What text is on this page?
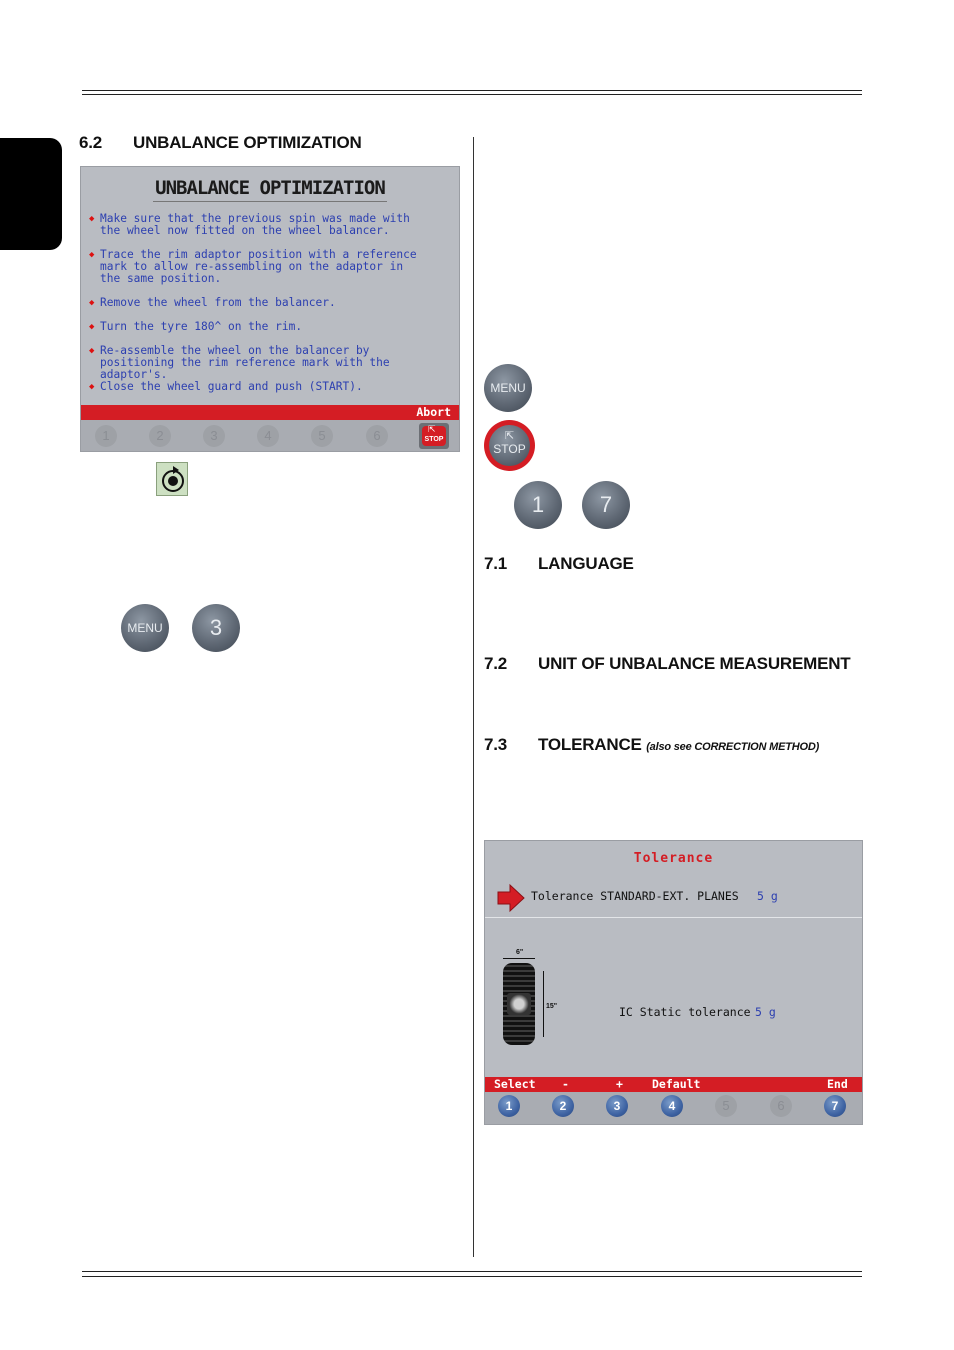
6.2 UNBALANCE OPTIMIZATION
UNBALANCE OPTIMIZATION
◆ Make sure that the previous spin was made with
the wheel now fitted on the wheel balancer.
◆ Trace the rim adaptor position with a reference
mark to allow re-assembling on the adaptor in
the same position.
◆ Remove the wheel from the balancer.
◆ Turn the tyre 180^ on the rim.
◆ Re-assemble the wheel on the balancer by
positioning the rim reference mark with the
adaptor's.
◆ Close the wheel guard and push (START).
Abort
1	2	3	4	5	6	STOP
⇱
MENU	3
MENU
⇱
STOP
1	7
7.1 LANGUAGE
7.2 UNIT OF UNBALANCE MEASUREMENT
7.3 TOLERANCE (also see CORRECTION METHOD)
Tolerance
Tolerance STANDARD-EXT. PLANES 5 g
6"
15"	IC Static tolerance 5 g
Select -	+	Default	End
1	2	3	4	5	6	7
